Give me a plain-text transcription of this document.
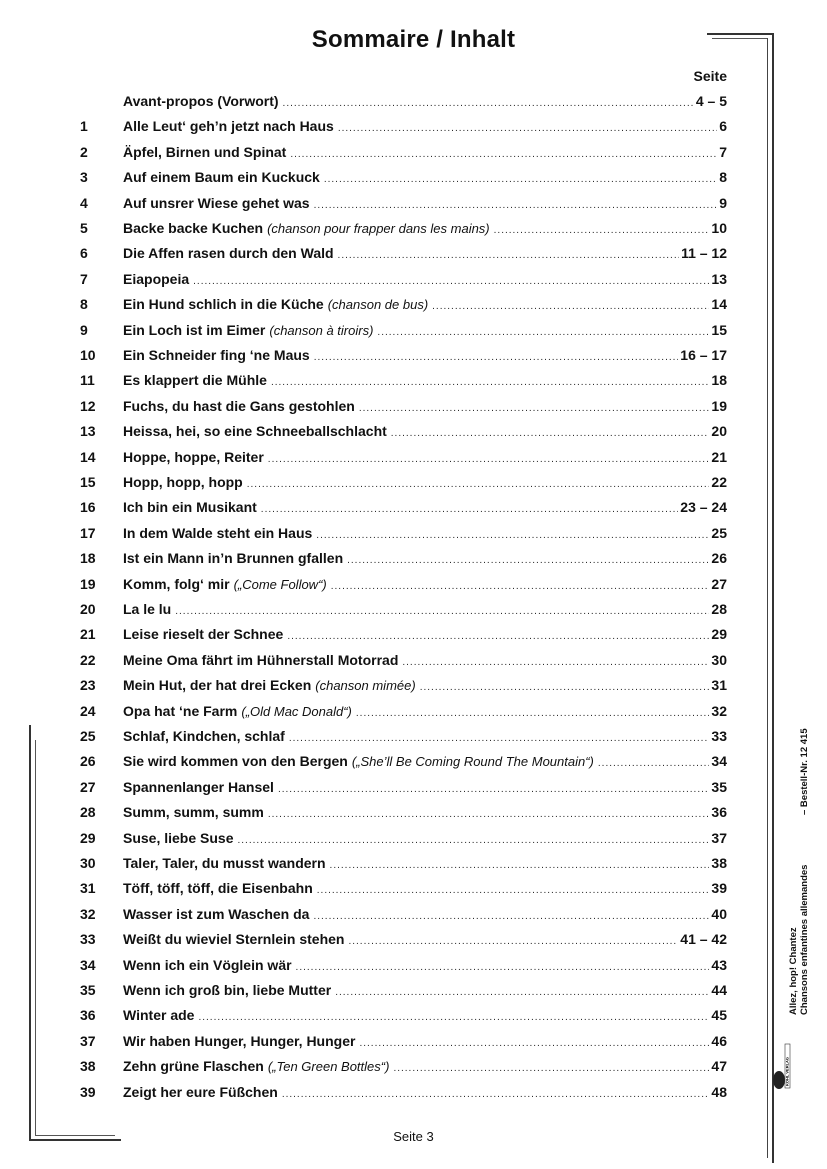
Sommaire / Inhalt
Seite
Avant-propos (Vorwort) .....	4 – 5
1	Alle Leut‘ geh’n jetzt nach Haus .....	6
2	Äpfel, Birnen und Spinat .....	7
3	Auf einem Baum ein Kuckuck .....	8
4	Auf unsrer Wiese gehet was .....	9
5	Backe backe Kuchen (chanson pour frapper dans les mains) .....	10
6	Die Affen rasen durch den Wald .....	11 – 12
7	Eiapopeia .....	13
8	Ein Hund schlich in die Küche (chanson de bus) .....	14
9	Ein Loch ist im Eimer (chanson à tiroirs) .....	15
10	Ein Schneider fing ‘ne Maus .....	16 – 17
11	Es klappert die Mühle .....	18
12	Fuchs, du hast die Gans gestohlen .....	19
13	Heissa, hei, so eine Schneeballschlacht .....	20
14	Hoppe, hoppe, Reiter .....	21
15	Hopp, hopp, hopp .....	22
16	Ich bin ein Musikant .....	23 – 24
17	In dem Walde steht ein Haus .....	25
18	Ist ein Mann in’n Brunnen gfallen .....	26
19	Komm, folg‘ mir („Come Follow“) .....	27
20	La le lu .....	28
21	Leise rieselt der Schnee .....	29
22	Meine Oma fährt im Hühnerstall Motorrad .....	30
23	Mein Hut, der hat drei Ecken (chanson mimée) .....	31
24	Opa hat ‘ne Farm („Old Mac Donald“) .....	32
25	Schlaf, Kindchen, schlaf .....	33
26	Sie wird kommen von den Bergen („She’ll Be Coming Round The Mountain“) .....	34
27	Spannenlanger Hansel .....	35
28	Summ, summ, summ .....	36
29	Suse, liebe Suse .....	37
30	Taler, Taler, du musst wandern .....	38
31	Töff, töff, töff, die Eisenbahn .....	39
32	Wasser ist zum Waschen da .....	40
33	Weißt du wieviel Sternlein stehen .....	41 – 42
34	Wenn ich ein Vöglein wär .....	43
35	Wenn ich groß bin, liebe Mutter .....	44
36	Winter ade .....	45
37	Wir haben Hunger, Hunger, Hunger .....	46
38	Zehn grüne Flaschen („Ten Green Bottles“) .....	47
39	Zeigt her eure Füßchen .....	48
Seite 3
Allez, hop! Chantez Chansons enfantines allemandes
– Bestell-Nr. 12 415
KOHL VERLAG
